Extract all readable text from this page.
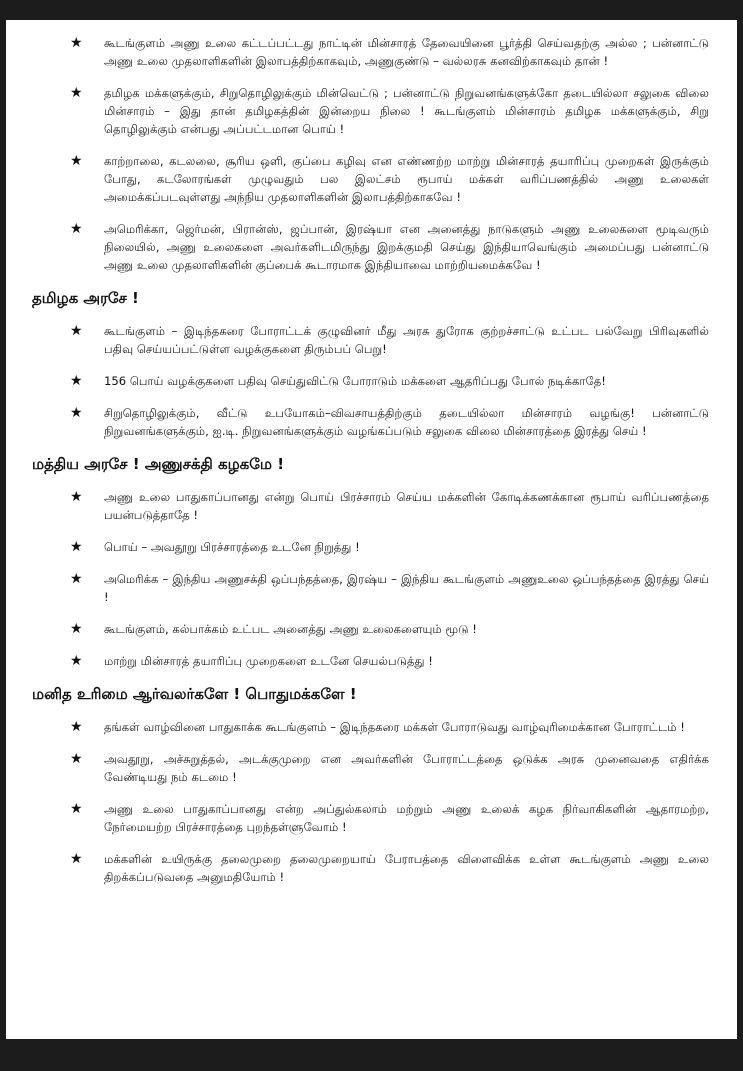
★	கூடங்குளம் அணு உலை கட்டப்பட்டது நாட்டின் மின்சாரத் தேவையினை பூர்த்தி செய்வதற்கு அல்ல ; பன்னாட்டு அணு உலை முதலாளிகளின் இலாபத்திற்காகவும், அணுகுண்டு – வல்லரசு கனவிற்காகவும் தான் !
★	தமிழக மக்களுக்கும், சிறுதொழிலுக்கும் மின்வெட்டு ; பன்னாட்டு நிறுவனங்களுக்கோ தடையில்லா சலுகை விலை மின்சாரம் – இது தான் தமிழகத்தின் இன்றைய நிலை ! கூடங்குளம் மின்சாரம் தமிழக மக்களுக்கும், சிறு தொழிலுக்கும் என்பது அப்பட்டமான பொய் !
★	காற்றாலை, கடலலை, சூரிய ஒளி, குப்பை கழிவு என எண்ணற்ற மாற்று மின்சாரத் தயாரிப்பு முறைகள் இருக்கும் போது, கடலோரங்கள் முழுவதும் பல இலட்சம் ரூபாய் மக்கள் வரிப்பணத்தில் அணு உலைகள் அமைக்கப்படவுள்ளது அந்நிய முதலாளிகளின் இலாபத்திற்காகவே !
★	அமெரிக்கா, ஜெர்மன், பிரான்ஸ், ஜப்பான், இரஷ்யா என அனைத்து நாடுகளும் அணு உலைகளை மூடிவரும் நிலையில், அணு உலைகளை அவர்களிடமிருந்து இறக்குமதி செய்து இந்தியாவெங்கும் அமைப்பது பன்னாட்டு அணு உலை முதலாளிகளின் குப்பைக் கூடாரமாக இந்தியாவை மாற்றியமைக்கவே !
தமிழக அரசே !
★	கூடங்குளம் – இடிந்தகரை போராட்டக் குழுவினர் மீது அரசு துரோக குற்றச்சாட்டு உட்பட பல்வேறு பிரிவுகளில் பதிவு செய்யப்பட்டுள்ள வழக்குகளை திரும்பப் பெறு!
★	156 பொய் வழக்குகளை பதிவு செய்துவிட்டு போராடும் மக்களை ஆதரிப்பது போல் நடிக்காதே!
★	சிறுதொழிலுக்கும், வீட்டு உபயோகம்–விவசாயத்திற்கும் தடையில்லா மின்சாரம் வழங்கு! பன்னாட்டு நிறுவனங்களுக்கும், ஐ.டி. நிறுவனங்களுக்கும் வழங்கப்படும் சலுகை விலை மின்சாரத்தை இரத்து செய் !
மத்திய அரசே ! அணுசக்தி கழகமே !
★	அணு உலை பாதுகாப்பானது என்று பொய் பிரச்சாரம் செய்ய மக்களின் கோடிக்கணக்கான ரூபாய் வரிப்பணத்தை பயன்படுத்தாதே !
★	பொய் – அவதூறு பிரச்சாரத்தை உடனே நிறுத்து !
★	அமெரிக்க – இந்திய அணுசக்தி ஒப்பந்தத்தை, இரஷ்ய – இந்திய கூடங்குளம் அணுஉலை ஒப்பந்தத்தை இரத்து செய் !
★	கூடங்குளம், கல்பாக்கம் உட்பட அனைத்து அணு உலைகளையும் மூடு !
★	மாற்று மின்சாரத் தயாரிப்பு முறைகளை உடனே செயல்படுத்து !
மனித உரிமை ஆர்வலர்களே ! பொதுமக்களே !
★	தங்கள் வாழ்வினை பாதுகாக்க கூடங்குளம் – இடிந்தகரை மக்கள் போராடுவது வாழ்வுரிமைக்கான போராட்டம் !
★	அவதூறு, அச்சுறுத்தல், அடக்குமுறை என அவர்களின் போராட்டத்தை ஒடுக்க அரசு முனைவதை எதிர்க்க வேண்டியது நம் கடமை !
★	அணு உலை பாதுகாப்பானது என்ற அப்துல்கலாம் மற்றும் அணு உலைக் கழக நிர்வாகிகளின் ஆதாரமற்ற, நேர்மையற்ற பிரச்சாரத்தை புறந்தள்ளுவோம் !
★	மக்களின் உயிருக்கு தலைமுறை தலைமுறையாய் பேராபத்தை விளைவிக்க உள்ள கூடங்குளம் அணு உலை திறக்கப்படுவதை அனுமதியோம் !
